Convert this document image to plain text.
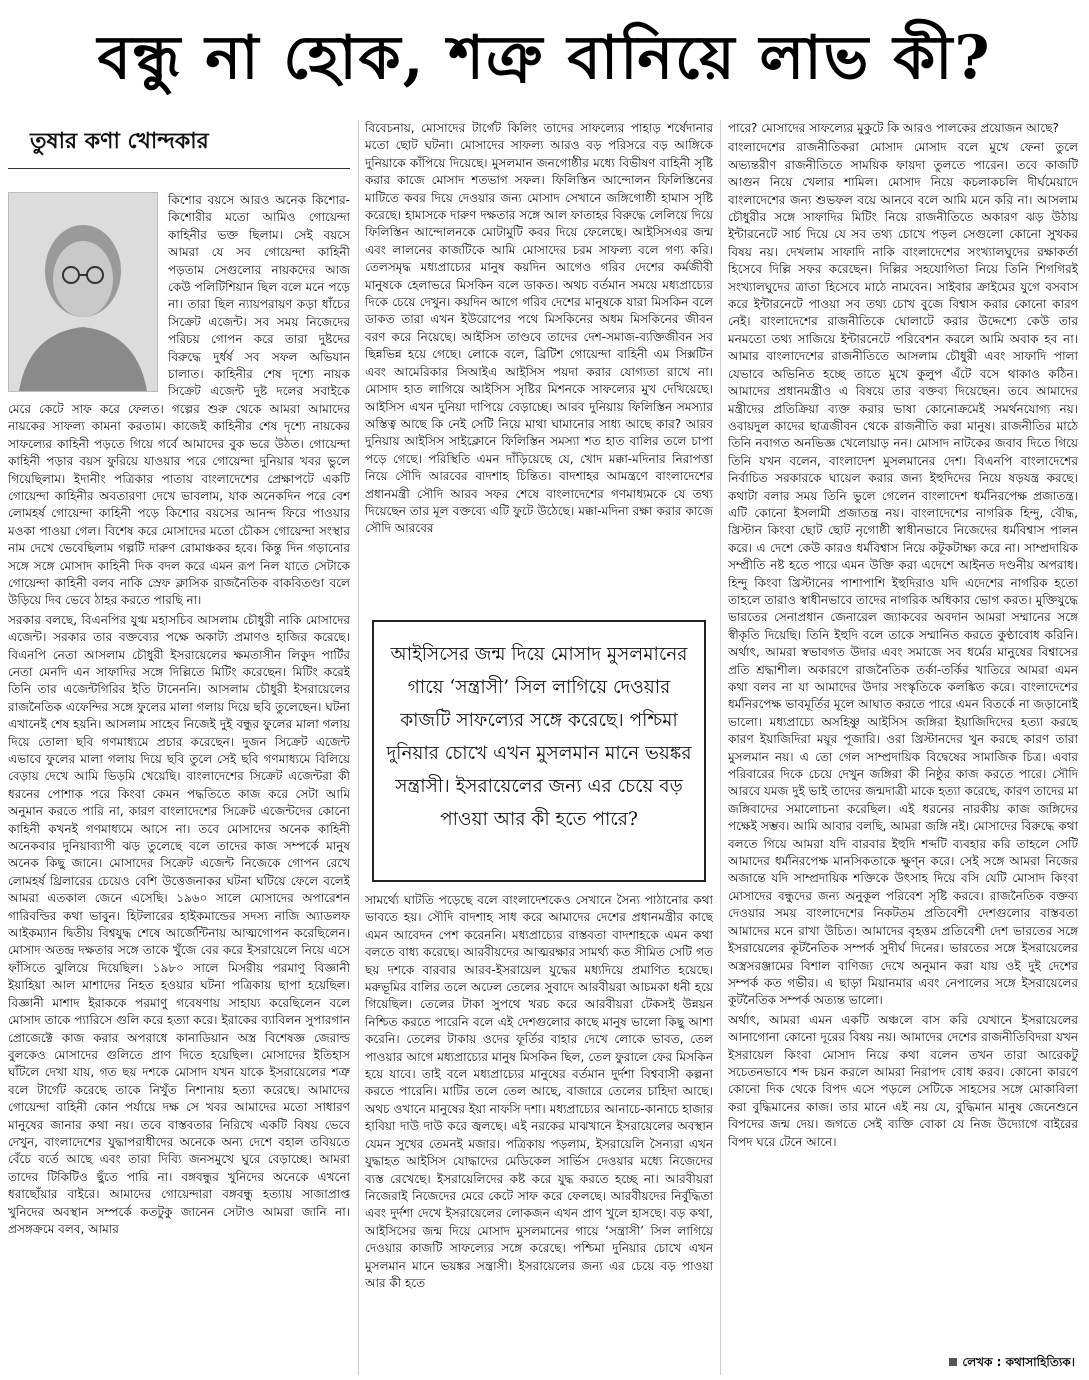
বন্ধু না হোক, শত্রু বানিয়ে লাভ কী?
তুষার কণা খোন্দকার

কিশোর বয়সে আরও অনেক কিশোর-কিশোরীর মতো আমিও গোয়েন্দা কাহিনীর ভক্ত ছিলাম। সেই বয়সে আমরা যে সব গোয়েন্দা কাহিনী পড়তাম সেগুলোর নায়কদের আজ কেউ পলিটিশিয়ান ছিল বলে মনে পড়ে না। তারা ছিল ন্যায়পরায়ণ কড়া ধাঁচের সিক্রেট এজেন্ট। সব সময় নিজেদের পরিচয় গোপন করে তারা দুষ্টদের বিরুদ্ধে দুর্ধর্ষ সব সফল অভিযান চালাত। কাহিনীর শেষ দৃশ্যে নায়ক সিক্রেট এজেন্ট দুষ্ট দলের সবাইকে মেরে কেটে সাফ করে ফেলত। গল্পের শুরু থেকে আমরা আমাদের নায়কের সাফল্য কামনা করতাম। কাজেই কাহিনীর শেষ দৃশ্যে নায়কের সাফল্যের কাহিনী পড়তে গিয়ে গর্বে আমাদের বুক ভরে উঠত। গোয়েন্দা কাহিনী পড়ার বয়স ফুরিয়ে যাওয়ার পরে গোয়েন্দা দুনিয়ার খবর ভুলে গিয়েছিলাম। ইদানীং পত্রিকার পাতায় বাংলাদেশের প্রেক্ষাপটে একটি গোয়েন্দা কাহিনীর অবতারণা দেখে ভাবলাম, যাক অনেকদিন পরে বেশ লোমহর্ষ গোয়েন্দা কাহিনী পড়ে কিশোর বয়সের আনন্দ ফিরে পাওয়ার মওকা পাওয়া গেল। বিশেষ করে মোসাদের মতো চৌকস গোয়েন্দা সংস্থার নাম দেখে ভেবেছিলাম গল্পটি দারুণ রোমাঞ্চকর হবে। কিন্তু দিন গড়ানোর সঙ্গে সঙ্গে মোসাদ কাহিনী দিক বদল করে এমন রূপ নিল যাতে সেটাকে গোয়েন্দা কাহিনী বলব নাকি স্রেফ ক্লাসিক রাজনৈতিক বাকবিতণ্ডা বলে উড়িয়ে দিব ভেবে ঠাহর করতে পারছি না।

সরকার বলছে, বিএনপির যুগ্ম মহাসচিব আসলাম চৌধুরী নাকি মোসাদের এজেন্ট। সরকার তার বক্তব্যের পক্ষে অকাট্য প্রমাণও হাজির করেছে। বিএনপি নেতা আসলাম চৌধুরী ইসরায়েলের ক্ষমতাসীন লিকুদ পার্টির নেতা মেনদি এন সাফাদির সঙ্গে দিল্লিতে মিটিং করেছেন। মিটিং করেই তিনি তার এজেন্টগিরির ইতি টানেননি। আসলাম চৌধুরী ইসরায়েলের রাজনৈতিক এফেন্দির সঙ্গে ফুলের মালা গলায় দিয়ে ছবি তুলেছেন। ঘটনা এখানেই শেষ হয়নি। আসলাম সাহেব নিজেই দুই বন্ধুর ফুলের মালা গলায় দিয়ে তোলা ছবি গণমাধ্যমে প্রচার করেছেন। দুজন সিক্রেট এজেন্ট এভাবে ফুলের মালা গলায় দিয়ে ছবি তুলে সেই ছবি গণমাধ্যমে বিলিয়ে বেড়ায় দেখে আমি ভিড়মি খেয়েছি। বাংলাদেশের সিক্রেট এজেন্টরা কী ধরনের পোশাক পরে কিংবা কেমন পদ্ধতিতে কাজ করে সেটা আমি অনুমান করতে পারি না, কারণ বাংলাদেশের সিক্রেট এজেন্টদের কোনো কাহিনী কখনই গণমাধ্যমে আসে না। তবে মোসাদের অনেক কাহিনী অনেকবার দুনিয়াব্যাপী ঝড় তুলেছে বলে তাদের কাজ সম্পর্কে মানুষ অনেক কিছু জানে। মোসাদের সিক্রেট এজেন্ট নিজেকে গোপন রেখে লোমহর্ষ থ্রিলারের চেয়েও বেশি উত্তেজনাকর ঘটনা ঘটিয়ে ফেলে বলেই আমরা এতকাল জেনে এসেছি। ১৯৬০ সালে মোসাদের অপারেশন গারিবল্ডির কথা ভাবুন। হিটলারের হাইকমান্ডের সদস্য নাজি অ্যাডলফ আইকম্যান দ্বিতীয় বিশ্বযুদ্ধ শেষে আর্জেন্টিনায় আত্মগোপন করেছিলেন। মোসাদ অতন্দ্র দক্ষতার সঙ্গে তাকে খুঁজে বের করে ইসরায়েলে নিয়ে এসে ফাঁসিতে ঝুলিয়ে দিয়েছিল। ১৯৮০ সালে মিসরীয় পরমাণু বিজ্ঞানী ইয়াহিয়া আল মাশাদের নিহত হওয়ার ঘটনা পত্রিকায় ছাপা হয়েছিল। বিজ্ঞানী মাশাদ ইরাককে পরমাণু গবেষণায় সাহায্য করেছিলেন বলে মোসাদ তাকে প্যারিসে গুলি করে হত্যা করে। ইরাকের ব্যাবিলন সুপারগান প্রোজেক্টে কাজ করার অপরাধে কানাডিয়ান অস্ত্র বিশেষজ্ঞ জেরাল্ড বুলকেও মোসাদের গুলিতে প্রাণ দিতে হয়েছিল। মোসাদের ইতিহাস ঘাঁটলে দেখা যায়, গত ছয় দশকে মোসাদ যখন যাকে ইসরায়েলের শত্রু বলে টার্গেট করেছে তাকে নিখুঁত নিশানায় হত্যা করেছে। আমাদের গোয়েন্দা বাহিনী কোন পর্যায়ে দক্ষ সে খবর আমাদের মতো সাধারণ মানুষের জানার কথা নয়। তবে বাস্তবতার নিরিখে একটি বিষয় ভেবে দেখুন, বাংলাদেশের যুদ্ধাপরাধীদের অনেকে অন্য দেশে বহাল তবিয়তে বেঁচে বর্তে আছে এবং তারা দিব্যি জনসমুখে ঘুরে বেড়াচ্ছে। আমরা তাদের টিকিটিও ছুঁতে পারি না। বঙ্গবন্ধুর খুনিদের অনেকে এখনো ধরাছোঁয়ার বাইরে। আমাদের গোয়েন্দারা বঙ্গবন্ধু হত্যায় সাজাপ্রাপ্ত খুনিদের অবস্থান সম্পর্কে কতটুকু জানেন সেটাও আমরা জানি না। প্রসঙ্গক্রমে বলব, আমার

বিবেচনায়, মোসাদের টার্গেট কিলিং তাদের সাফল্যের পাহাড় শর্ষেদানার মতো ছোট ঘটনা। মোসাদের সাফল্য আরও বড় পরিসরে বড় আঙ্গিকে দুনিয়াকে কাঁপিয়ে দিয়েছে। মুসলমান জনগোষ্ঠীর মধ্যে বিভীষণ বাহিনী সৃষ্টি করার কাজে মোসাদ শতভাগ সফল। ফিলিস্তিন আন্দোলন ফিলিস্তিনের মাটিতে কবর দিয়ে দেওয়ার জন্য মোসাদ সেখানে জঙ্গিগোষ্ঠী হামাস সৃষ্টি করেছে। হামাসকে দারুণ দক্ষতার সঙ্গে আল ফাতাহর বিরুদ্ধে লেলিয়ে দিয়ে ফিলিস্তিন আন্দোলনকে মোটামুটি কবর দিয়ে ফেলেছে। আইসিসএর জন্ম এবং লালনের কাজটিকে আমি মোসাদের চরম সাফল্য বলে গণ্য করি। তেলসমৃদ্ধ মধ্যপ্রাচ্যের মানুষ কয়দিন আগেও গরিব দেশের কর্মজীবী মানুষকে হেলাভরে মিসকিন বলে ডাকত। অথচ বর্তমান সময়ে মধ্যপ্রাচ্যের দিকে চেয়ে দেখুন। কয়দিন আগে গরিব দেশের মানুষকে যারা মিসকিন বলে ডাকত তারা এখন ইউরোপের পথে মিসকিনের অধম মিসকিনের জীবন বরণ করে নিয়েছে। আইসিস তাণ্ডবে তাদের দেশ-সমাজ-ব্যক্তিজীবন সব ছিন্নভিন্ন হয়ে গেছে। লোকে বলে, ব্রিটিশ গোয়েন্দা বাহিনী এম সিক্সটিন এবং আমেরিকার সিআইএ আইসিস পয়দা করার যোগ্যতা রাখে না। মোসাদ হাত লাগিয়ে আইসিস সৃষ্টির মিশনকে সাফল্যের মুখ দেখিয়েছে। আইসিস এখন দুনিয়া দাপিয়ে বেড়াচ্ছে। আরব দুনিয়ায় ফিলিস্তিন সমস্যার অস্তিত্ব আছে কি নেই সেটি নিয়ে মাথা ঘামানোর সাধ্য আছে কার? আরব দুনিয়ায় আইসিস সাইক্লোনে ফিলিস্তিন সমস্যা শত হাত বালির তলে চাপা পড়ে গেছে। পরিস্থিতি এমন দাঁড়িয়েছে যে, খোদ মক্কা-মদিনার নিরাপত্তা নিয়ে সৌদি আরবের বাদশাহ চিন্তিত। বাদশাহর আমন্ত্রণে বাংলাদেশের প্রধানমন্ত্রী সৌদি আরব সফর শেষে বাংলাদেশের গণমাধ্যমকে যে তথ্য দিয়েছেন তার মূল বক্তব্যে এটি ফুটে উঠেছে। মক্কা-মদিনা রক্ষা করার কাজে সৌদি আরবের

সামর্থ্যে ঘাটতি পড়েছে বলে বাংলাদেশকেও সেখানে সৈন্য পাঠানোর কথা ভাবতে হয়। সৌদি বাদশাহ সাধ করে আমাদের দেশের প্রধানমন্ত্রীর কাছে এমন আবেদন পেশ করেননি। মধ্যপ্রাচ্যের বাস্তবতা বাদশাহকে এমন কথা বলতে বাধ্য করেছে। আরবীয়দের আত্মরক্ষার সামর্থ্য কত সীমিত সেটি গত ছয় দশকে বারবার আরব-ইসরায়েল যুদ্ধের মধ্যদিয়ে প্রমাণিত হয়েছে। মরুভূমির বালির তলে অঢেল তেলের সুবাদে আরবীয়রা আচমকা ধনী হয়ে গিয়েছিল। তেলের টাকা সুপথে খরচ করে আরবীয়রা টেকসই উন্নয়ন নিশ্চিত করতে পারেনি বলে এই দেশগুলোর কাছে মানুষ ভালো কিছু আশা করেনি। তেলের টাকায় ওদের ফূর্তির বাহার দেখে লোকে ভাবত, তেল পাওয়ার আগে মধ্যপ্রাচ্যের মানুষ মিসকিন ছিল, তেল ফুরালে ফের মিসকিন হয়ে যাবে। তাই বলে মধ্যপ্রাচ্যের মানুষের বর্তমান দুর্দশা বিশ্ববাসী কল্পনা করতে পারেনি। মাটির তলে তেল আছে, বাজারে তেলের চাহিদা আছে। অথচ ওখানে মানুষের ইয়া নাফসি দশা। মধ্যপ্রাচ্যের আনাচে-কানাচে হাজার হাবিয়া দাউ দাউ করে জ্বলছে। এই নরকের মাঝখানে ইসরায়েলের অবস্থান যেমন সুখের তেমনই মজার। পত্রিকায় পড়লাম, ইসরায়েলি সৈন্যরা এখন যুদ্ধাহত আইসিস যোদ্ধাদের মেডিকেল সার্ভিস দেওয়ার মধ্যে নিজেদের ব্যস্ত রেখেছে। ইসরায়েলিদের কষ্ট করে যুদ্ধ করতে হচ্ছে না। আরবীয়রা নিজেরাই নিজেদের মেরে কেটে সাফ করে ফেলছে। আরবীয়দের নির্বুদ্ধিতা এবং দুর্দশা দেখে ইসরায়েলের লোকজন এখন প্রাণ খুলে হাসছে। বড় কথা, আইসিসের জন্ম দিয়ে মোসাদ মুসলমানের গায়ে ‘সন্ত্রাসী’ সিল লাগিয়ে দেওয়ার কাজটি সাফল্যের সঙ্গে করেছে। পশ্চিমা দুনিয়ার চোখে এখন মুসলমান মানে ভয়ঙ্কর সন্ত্রাসী। ইসরায়েলের জন্য এর চেয়ে বড় পাওয়া আর কী হতে

আইসিসের জন্ম দিয়ে মোসাদ মুসলমানের গায়ে ‘সন্ত্রাসী’ সিল লাগিয়ে দেওয়ার কাজটি সাফল্যের সঙ্গে করেছে। পশ্চিমা দুনিয়ার চোখে এখন মুসলমান মানে ভয়ঙ্কর সন্ত্রাসী। ইসরায়েলের জন্য এর চেয়ে বড় পাওয়া আর কী হতে পারে?

পারে? মোসাদের সাফল্যের মুকুটে কি আরও পালকের প্রয়োজন আছে?

বাংলাদেশের রাজনীতিকরা মোসাদ মোসাদ বলে মুখে ফেনা তুলে অভ্যন্তরীণ রাজনীতিতে সাময়িক ফায়দা তুলতে পারেন। তবে কাজটি আগুন নিয়ে খেলার শামিল। মোসাদ নিয়ে কচলাকচলি দীর্ঘমেয়াদে বাংলাদেশের জন্য শুভফল বয়ে আনবে বলে আমি মনে করি না। আসলাম চৌধুরীর সঙ্গে সাফাদির মিটিং নিয়ে রাজনীতিতে অকারণ ঝড় উঠায় ইন্টারনেটে সার্চ দিয়ে যে সব তথ্য চোখে পড়ল সেগুলো কোনো সুখকর বিষয় নয়। দেখলাম সাফাদি নাকি বাংলাদেশের সংখ্যালঘুদের রক্ষাকর্তা হিসেবে দিল্লি সফর করেছেন। দিল্লির সহযোগিতা নিয়ে তিনি শিগগিরই সংখ্যালঘুদের ত্রাতা হিসেবে মাঠে নামবেন। সাইবার ক্রাইমের যুগে বসবাস করে ইন্টারনেটে পাওয়া সব তথ্য চোখ বুজে বিশ্বাস করার কোনো কারণ নেই। বাংলাদেশের রাজনীতিকে ঘোলাটে করার উদ্দেশ্যে কেউ তার মনমতো তথ্য সাজিয়ে ইন্টারনেটে পরিবেশন করলে আমি অবাক হব না। আমার বাংলাদেশের রাজনীতিতে আসলাম চৌধুরী এবং সাফাদি পালা যেভাবে অভিনিত হচ্ছে তাতে মুখে কুলুপ এঁটে বসে থাকাও কঠিন। আমাদের প্রধানমন্ত্রীও এ বিষয়ে তার বক্তব্য দিয়েছেন। তবে আমাদের মন্ত্রীদের প্রতিক্রিয়া ব্যক্ত করার ভাষা কোনোক্রমেই সমর্থনযোগ্য নয়। ওবায়দুল কাদের ছাত্রজীবন থেকে রাজনীতি করা মানুষ। রাজনীতির মাঠে তিনি নবাগত অনভিজ্ঞ খেলোয়াড় নন। মোসাদ নাটকের জবাব দিতে গিয়ে তিনি যখন বলেন, বাংলাদেশ মুসলমানের দেশ। বিএনপি বাংলাদেশের নির্বাচিত সরকারকে ঘায়েল করার জন্য ইহুদিদের নিয়ে ষড়যন্ত্র করছে। কথাটা বলার সময় তিনি ভুলে গেলেন বাংলাদেশ ধর্মনিরপেক্ষ প্রজাতন্ত্র। এটি কোনো ইসলামী প্রজাতন্ত্র নয়। বাংলাদেশের নাগরিক হিন্দু, বৌদ্ধ, খ্রিস্টান কিংবা ছোট ছোট নৃগোষ্ঠী স্বাধীনভাবে নিজেদের ধর্মবিশ্বাস পালন করে। এ দেশে কেউ কারও ধর্মবিশ্বাস নিয়ে কটূকটাক্ষ্য করে না। সাম্প্রদায়িক সম্প্রীতি নষ্ট হতে পারে এমন উক্তি করা এদেশে আইনত দণ্ডনীয় অপরাধ। হিন্দু কিংবা খ্রিস্টানের পাশাপাশি ইহুদিরাও যদি এদেশের নাগরিক হতো তাহলে তারাও স্বাধীনভাবে তাদের নাগরিক অধিকার ভোগ করত। মুক্তিযুদ্ধে ভারতের সেনাপ্রধান জেনারেল জ্যাকবের অবদান আমরা সম্মানের সঙ্গে স্বীকৃতি দিয়েছি। তিনি ইহুদি বলে তাকে সম্মানিত করতে কুণ্ঠাবোধ করিনি। অর্থাৎ, আমরা স্বভাবগত উদার এবং সমাজে সব ধর্মের মানুষের বিশ্বাসের প্রতি শ্রদ্ধাশীল। অকারণে রাজনৈতিক তর্কা-তর্কির খাতিরে আমরা এমন কথা বলব না যা আমাদের উদার সংস্কৃতিকে কলঙ্কিত করে। বাংলাদেশের ধর্মনিরপেক্ষ ভাবমূর্তির মূলে আঘাত করতে পারে এমন বিতর্কে না জড়ানোই ভালো। মধ্যপ্রাচ্যে অসহিষ্ণু আইসিস জঙ্গিরা ইয়াজিদিদের হত্যা করছে কারণ ইয়াজিদিরা ময়ূর পূজারি। ওরা খ্রিস্টানদের খুন করছে কারণ তারা মুসলমান নয়। এ তো গেল সাম্প্রদায়িক বিদ্বেষের সামাজিক চিত্র। এবার পরিবারের দিকে চেয়ে দেখুন জঙ্গিরা কী নিষ্ঠুর কাজ করতে পারে। সৌদি আরবে যমজ দুই ভাই তাদের জন্মদাত্রী মাকে হত্যা করেছে, কারণ তাদের মা জঙ্গিবাদের সমালোচনা করেছিল। এই ধরনের নারকীয় কাজ জঙ্গিদের পক্ষেই সম্ভব। আমি আবার বলছি, আমরা জঙ্গি নই। মোসাদের বিরুদ্ধে কথা বলতে গিয়ে আমরা যদি বারবার ইহুদি শব্দটি ব্যবহার করি তাহলে সেটি আমাদের ধর্মনিরপেক্ষ মানসিকতাকে ক্ষুণ্ন করে। সেই সঙ্গে আমরা নিজের অজান্তে যদি সাম্প্রদায়িক শক্তিকে উৎসাহ দিয়ে বসি যেটি মোসাদ কিংবা মোসাদের বন্ধুদের জন্য অনুকূল পরিবেশ সৃষ্টি করবে। রাজনৈতিক বক্তব্য দেওয়ার সময় বাংলাদেশের নিকটতম প্রতিবেশী দেশগুলোর বাস্তবতা আমাদের মনে রাখা উচিত। আমাদের বৃহত্তম প্রতিবেশী দেশ ভারতের সঙ্গে ইসরায়েলের কূটনৈতিক সম্পর্ক সুদীর্ঘ দিনের। ভারতের সঙ্গে ইসরায়েলের অস্ত্রসরঞ্জামের বিশাল বাণিজ্য দেখে অনুমান করা যায় ওই দুই দেশের সম্পর্ক কত গভীর। এ ছাড়া মিয়ানমার এবং নেপালের সঙ্গে ইসরায়েলের কূটনৈতিক সম্পর্ক অত্যন্ত ভালো।

অর্থাৎ, আমরা এমন একটি অঞ্চলে বাস করি যেখানে ইসরায়েলের আনাগোনা কোনো দূরের বিষয় নয়। আমাদের দেশের রাজনীতিবিদরা যখন ইসরায়েল কিংবা মোসাদ নিয়ে কথা বলেন তখন তারা আরেকটু সচেতনভাবে শব্দ চয়ন করলে আমরা নিরাপদ বোধ করব। কোনো কারণে কোনো দিক থেকে বিপদ এসে পড়লে সেটিকে সাহসের সঙ্গে মোকাবিলা করা বুদ্ধিমানের কাজ। তার মানে এই নয় যে, বুদ্ধিমান মানুষ জেনেশুনে বিপদের জন্ম দেয়। জগতে সেই ব্যক্তি বোকা যে নিজ উদ্যোগে বাইরের বিপদ ঘরে টেনে আনে।

লেখক : কথাসাহিত্যিক।
